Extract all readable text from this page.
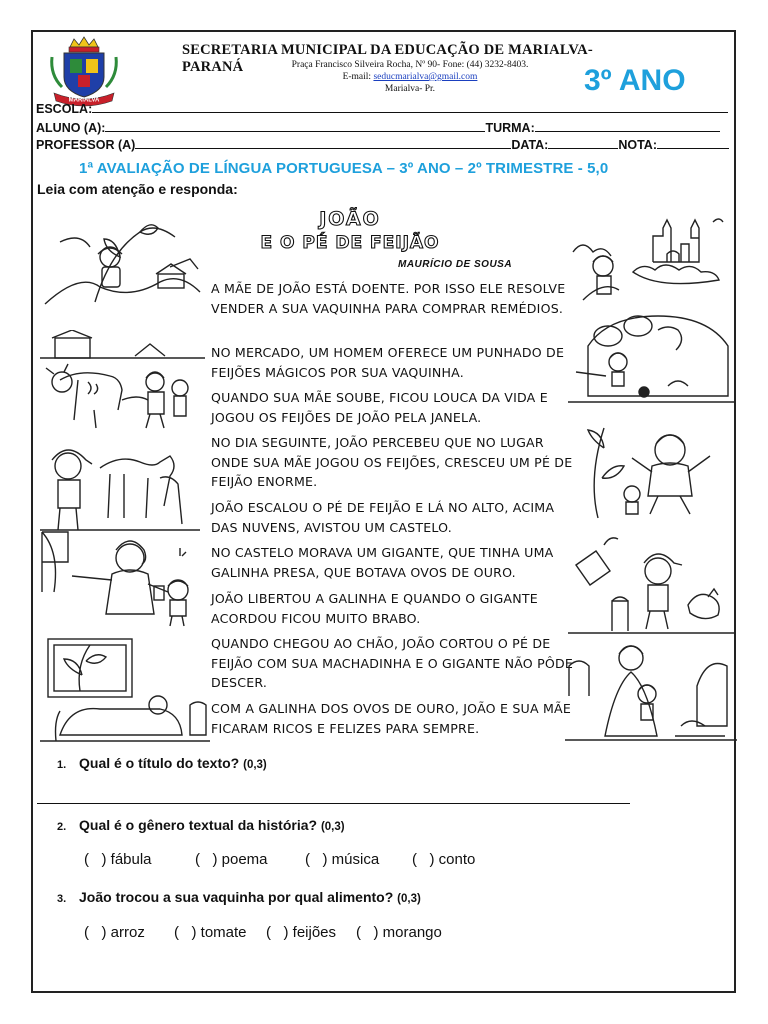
MARIALVA
SECRETARIA MUNICIPAL DA EDUCAÇÃO DE MARIALVA-PARANÁ	Praça Francisco Silveira Rocha, Nº 90- Fone: (44) 3232-8403.
E-mail: seducmarialva@gmail.com
Marialva- Pr.	3º ANO
ESCOLA:
ALUNO (A):	TURMA:
PROFESSOR (A)	DATA:	NOTA:
1ª AVALIAÇÃO DE LÍNGUA PORTUGUESA – 3º ANO – 2º TRIMESTRE - 5,0
Leia com atenção e responda:
JOÃO
E O PÉ DE FEIJÃO
MAURÍCIO DE SOUSA
A MÃE DE JOÃO ESTÁ DOENTE. POR ISSO ELE RESOLVE VENDER A SUA VAQUINHA PARA COMPRAR REMÉDIOS.
NO MERCADO, UM HOMEM OFERECE UM PUNHADO DE FEIJÕES MÁGICOS POR SUA VAQUINHA.
QUANDO SUA MÃE SOUBE, FICOU LOUCA DA VIDA E JOGOU OS FEIJÕES DE JOÃO PELA JANELA.
NO DIA SEGUINTE, JOÃO PERCEBEU QUE NO LUGAR ONDE SUA MÃE JOGOU OS FEIJÕES, CRESCEU UM PÉ DE FEIJÃO ENORME.
JOÃO ESCALOU O PÉ DE FEIJÃO E LÁ NO ALTO, ACIMA DAS NUVENS, AVISTOU UM CASTELO.
NO CASTELO MORAVA UM GIGANTE, QUE TINHA UMA GALINHA PRESA, QUE BOTAVA OVOS DE OURO.
JOÃO LIBERTOU A GALINHA E QUANDO O GIGANTE ACORDOU FICOU MUITO BRABO.
QUANDO CHEGOU AO CHÃO, JOÃO CORTOU O PÉ DE FEIJÃO COM SUA MACHADINHA E O GIGANTE NÃO PÔDE DESCER.
COM A GALINHA DOS OVOS DE OURO, JOÃO E SUA MÃE FICARAM RICOS E FELIZES PARA SEMPRE.
1. Qual é o título do texto? (0,3)
2. Qual é o gênero textual da história? (0,3)
(   ) fábula	(   ) poema (   ) música (   ) conto
3. João trocou a sua vaquinha por qual alimento? (0,3)
(   ) arroz (   ) tomate (   ) feijões (   ) morango
